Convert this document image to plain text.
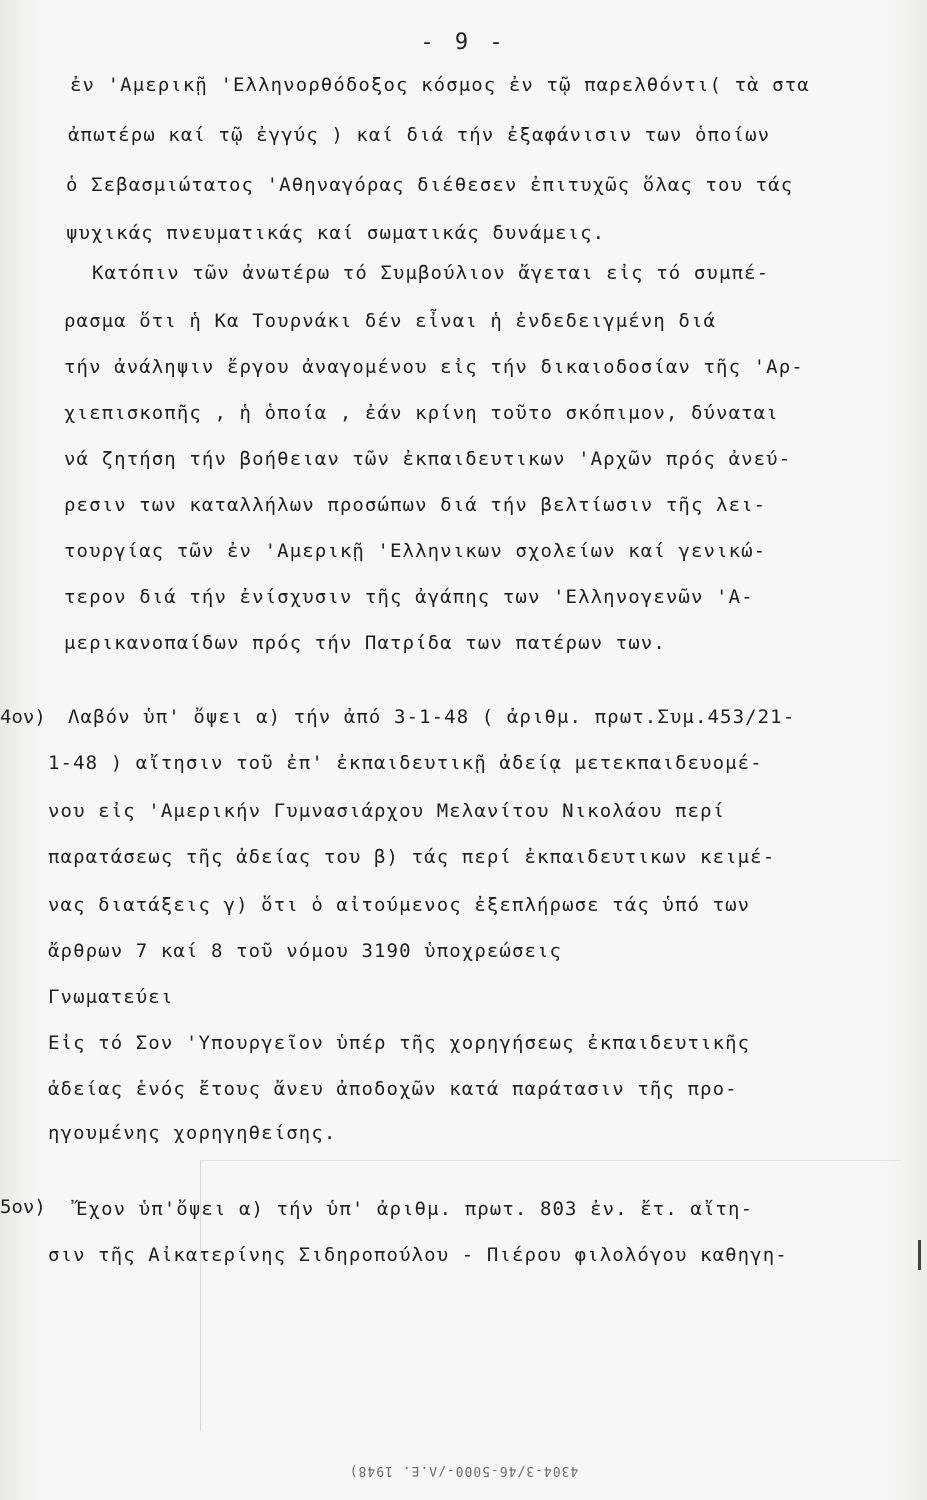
- 9 -
ἐν 'Αμερικῇ 'Ελληνορθόδοξος κόσμος ἐν τῷ παρελθόντι( τὰ στα
ἀπωτέρω καί τῷ ἐγγύς ) καί διά τήν ἐξαφάνισιν των ὁποίων
ὁ Σεβασμιώτατος 'Αθηναγόρας διέθεσεν ἐπιτυχῶς ὅλας του τάς
ψυχικάς πνευματικάς καί σωματικάς δυνάμεις.
Κατόπιν τῶν ἀνωτέρω τό Συμβούλιον ἄγεται εἰς τό συμπέ-
ρασμα ὅτι ἡ Κα Τουρνάκι δέν εἶναι ἡ ἐνδεδειγμένη διά
τήν ἀνάληψιν ἔργου ἀναγομένου εἰς τήν δικαιοδοσίαν τῆς 'Αρ-
χιεπισκοπῆς , ἡ ὁποία , ἐάν κρίνη τοῦτο σκόπιμον, δύναται
νά ζητήση τήν βοήθειαν τῶν ἐκπαιδευτικων 'Αρχῶν πρός ἀνεύ-
ρεσιν των καταλλήλων προσώπων διά τήν βελτίωσιν τῆς λει-
τουργίας τῶν ἐν 'Αμερικῇ 'Ελληνικων σχολείων καί γενικώ-
τερον διά τήν ἐνίσχυσιν τῆς ἀγάπης των 'Ελληνογενῶν 'Α-
μερικανοπαίδων πρός τήν Πατρίδα των πατέρων των.
4ον) Λαβόν ὑπ' ὄψει α) τήν ἀπό 3-1-48 ( ἀριθμ. πρωτ.Συμ.453/21-
1-48 ) αἴτησιν τοῦ ἐπ' ἐκπαιδευτικῇ ἀδείᾳ μετεκπαιδευομέ-
νου εἰς 'Αμερικήν Γυμνασιάρχου Μελανίτου Νικολάου περί
παρατάσεως τῆς ἀδείας του β) τάς περί ἐκπαιδευτικων κειμέ-
νας διατάξεις γ) ὅτι ὁ αἰτούμενος ἐξεπλήρωσε τάς ὑπό των
ἄρθρων 7 καί 8 τοῦ νόμου 3190 ὑποχρεώσεις
Γνωματεύει
Εἰς τό Σον 'Υπουργεῖον ὑπέρ τῆς χορηγήσεως ἐκπαιδευτικῆς
ἀδείας ἑνός ἔτους ἄνευ ἀποδοχῶν κατά παράτασιν τῆς προ-
ηγουμένης χορηγηθείσης.
5ον) Ἔχον ὑπ'ὄψει α) τήν ὑπ' ἀριθμ. πρωτ. 803 ἐν. ἔτ. αἴτη-
σιν τῆς Αἰκατερίνης Σιδηροπούλου - Πιέρου φιλολόγου καθηγη-
4304-3/46-5000-/Λ.Ε. 1948)
